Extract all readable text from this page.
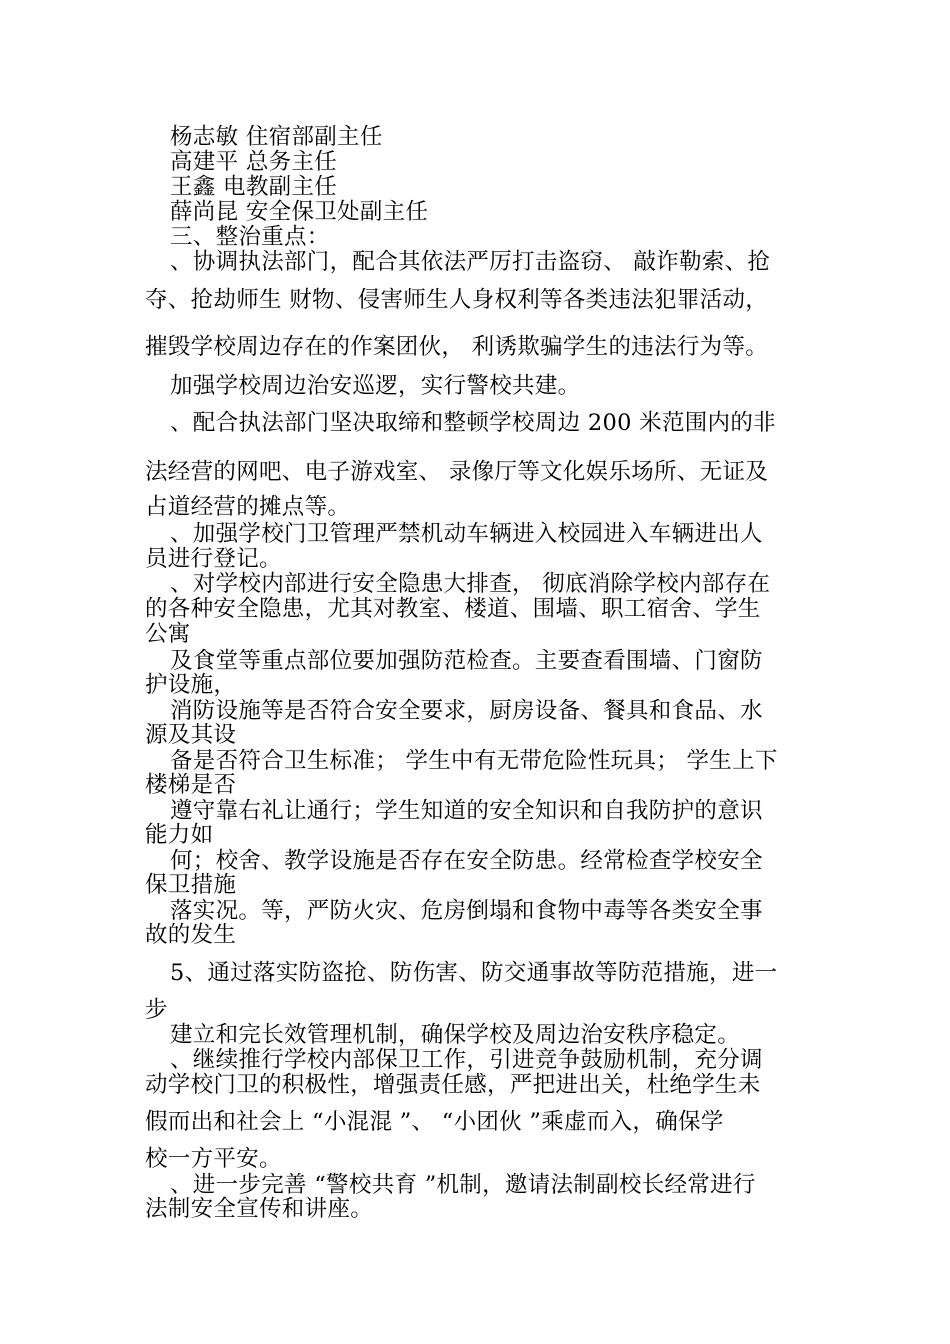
杨志敏 住宿部副主任
高建平 总务主任
王鑫 电教副主任
薛尚昆 安全保卫处副主任
三、整治重点：
、协调执法部门，配合其依法严厉打击盗窃、 敲诈勒索、抢
夺、抢劫师生 财物、侵害师生人身权利等各类违法犯罪活动，
摧毁学校周边存在的作案团伙， 利诱欺骗学生的违法行为等。
加强学校周边治安巡逻，实行警校共建。
、配合执法部门坚决取缔和整顿学校周边 200 米范围内的非
法经营的网吧、电子游戏室、 录像厅等文化娱乐场所、无证及
占道经营的摊点等。
、加强学校门卫管理严禁机动车辆进入校园进入车辆进出人
员进行登记。
、对学校内部进行安全隐患大排查， 彻底消除学校内部存在
的各种安全隐患，尤其对教室、楼道、围墙、职工宿舍、学生
公寓
及食堂等重点部位要加强防范检查。主要查看围墙、门窗防
护设施，
消防设施等是否符合安全要求，厨房设备、餐具和食品、水
源及其设
备是否符合卫生标准； 学生中有无带危险性玩具； 学生上下
楼梯是否
遵守靠右礼让通行；学生知道的安全知识和自我防护的意识
能力如
何；校舍、教学设施是否存在安全防患。经常检查学校安全
保卫措施
落实况。等，严防火灾、危房倒塌和食物中毒等各类安全事
故的发生
5、通过落实防盗抢、防伤害、防交通事故等防范措施，进一
步
建立和完长效管理机制，确保学校及周边治安秩序稳定。
、继续推行学校内部保卫工作，引进竞争鼓励机制，充分调
动学校门卫的积极性，增强责任感，严把进出关，杜绝学生未
假而出和社会上 “小混混 ”、 “小团伙 ”乘虚而入，确保学
校一方平安。
、进一步完善 “警校共育 ”机制，邀请法制副校长经常进行
法制安全宣传和讲座。
